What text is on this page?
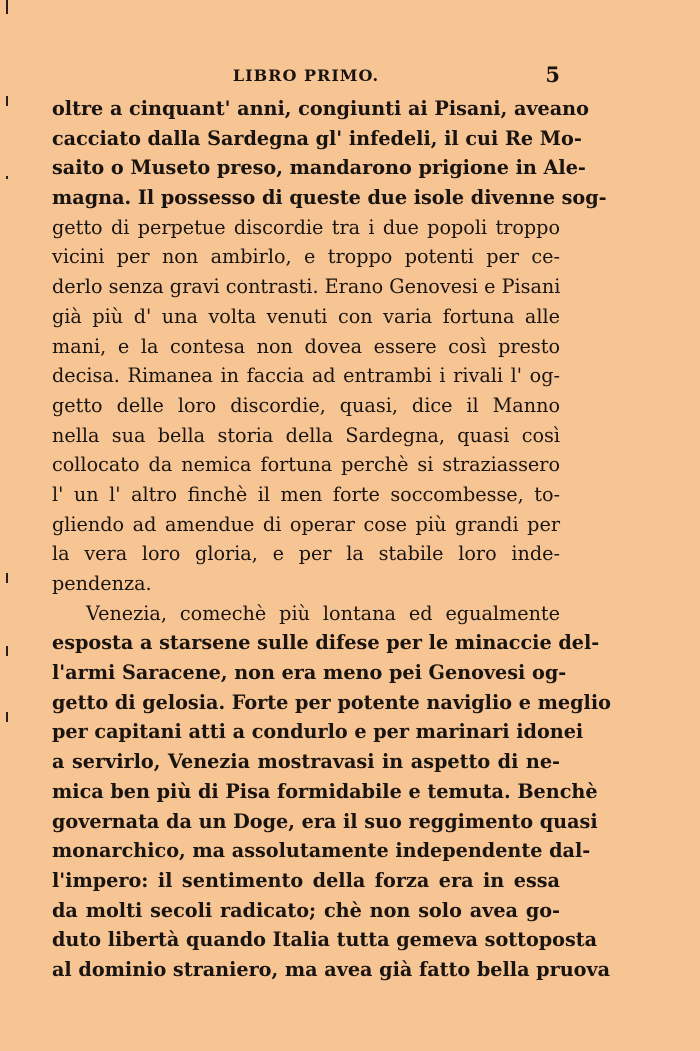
LIBRO PRIMO.	5
oltre a cinquant' anni, congiunti ai Pisani, aveano
cacciato dalla Sardegna gl' infedeli, il cui Re Mo-
saito o Museto preso, mandarono prigione in Ale-
magna. Il possesso di queste due isole divenne sog-
getto di perpetue discordie tra i due popoli troppo
vicini per non ambirlo, e troppo potenti per ce-
derlo senza gravi contrasti. Erano Genovesi e Pisani
già più d' una volta venuti con varia fortuna alle
mani, e la contesa non dovea essere così presto
decisa. Rimanea in faccia ad entrambi i rivali l' og-
getto delle loro discordie, quasi, dice il Manno
nella sua bella storia della Sardegna, quasi così
collocato da nemica fortuna perchè si straziassero
l' un l' altro finchè il men forte soccombesse, to-
gliendo ad amendue di operar cose più grandi per
la vera loro gloria, e per la stabile loro inde-
pendenza.
Venezia, comechè più lontana ed egualmente
esposta a starsene sulle difese per le minaccie del-
l'armi Saracene, non era meno pei Genovesi og-
getto di gelosia. Forte per potente naviglio e meglio
per capitani atti a condurlo e per marinari idonei
a servirlo, Venezia mostravasi in aspetto di ne-
mica ben più di Pisa formidabile e temuta. Benchè
governata da un Doge, era il suo reggimento quasi
monarchico, ma assolutamente independente dal-
l'impero: il sentimento della forza era in essa
da molti secoli radicato; chè non solo avea go-
duto libertà quando Italia tutta gemeva sottoposta
al dominio straniero, ma avea già fatto bella pruova
